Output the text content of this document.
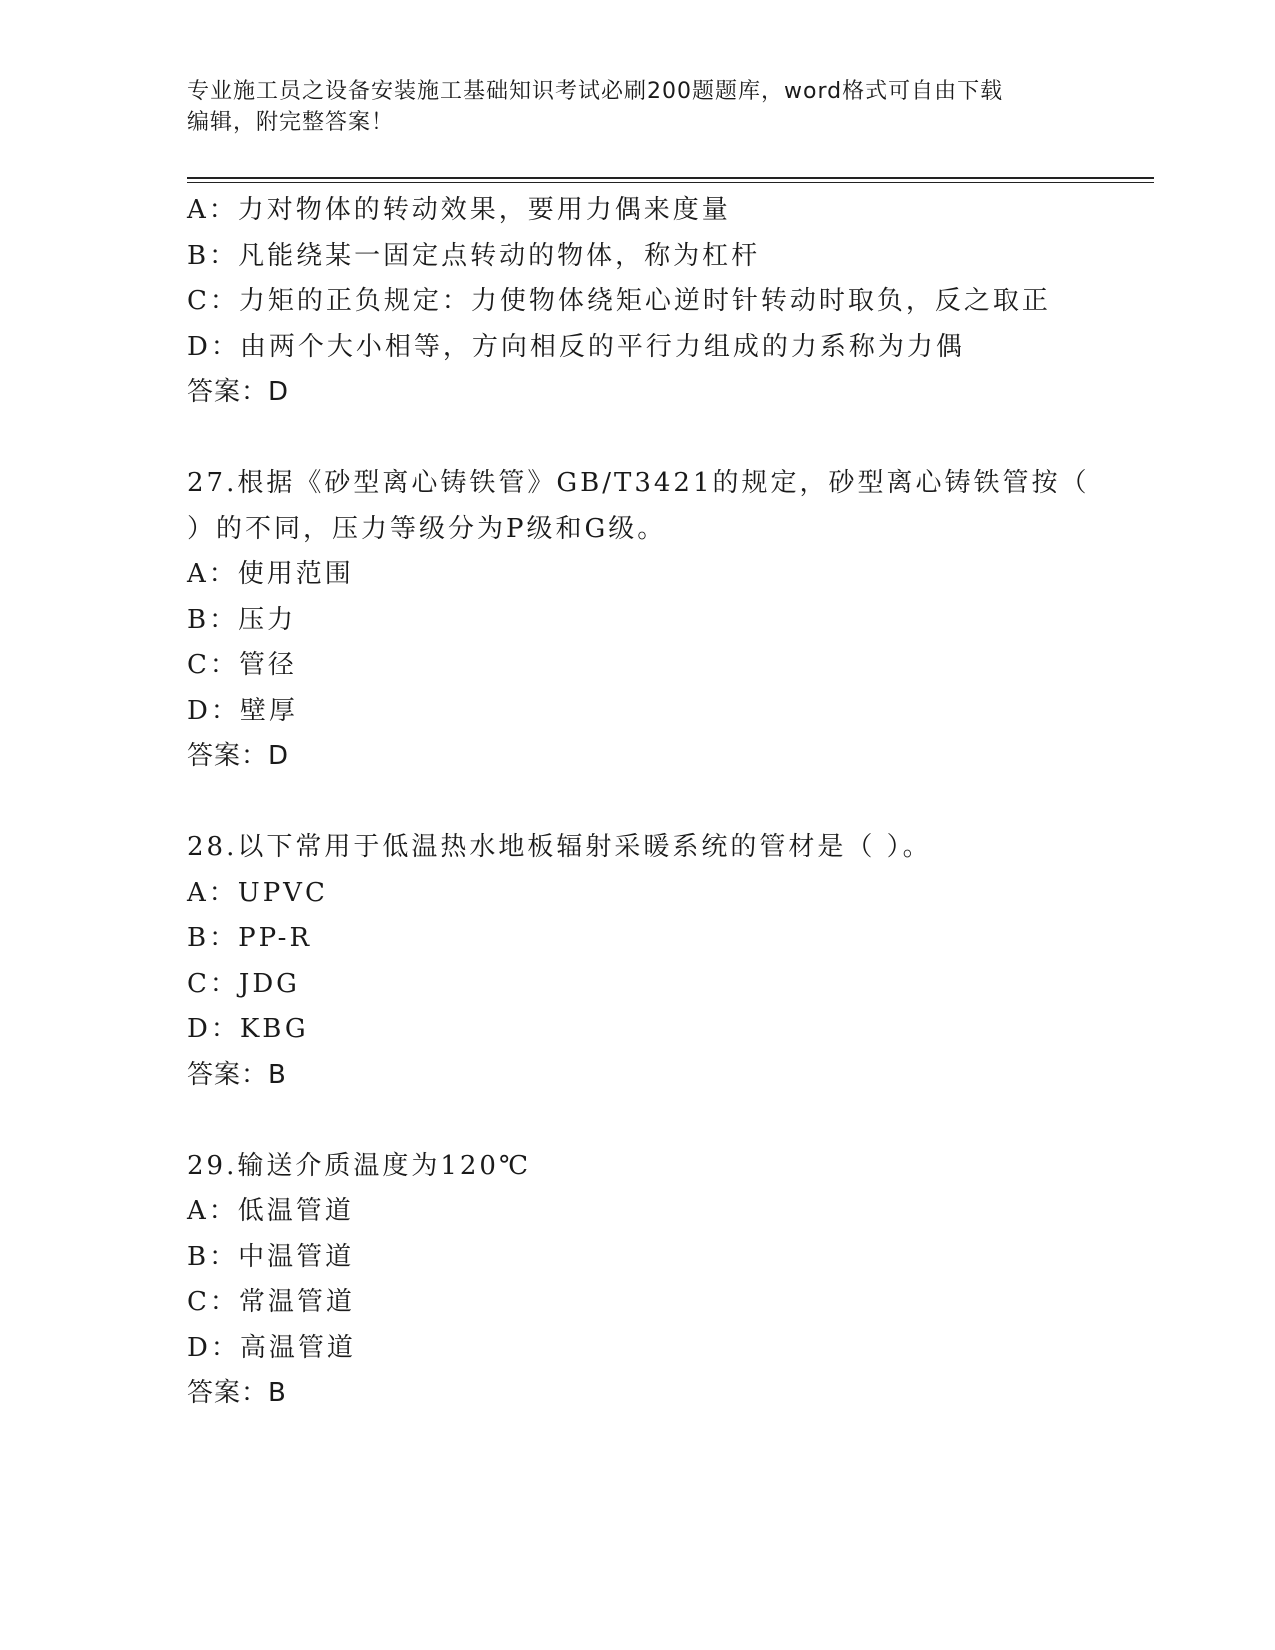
专业施工员之设备安装施工基础知识考试必刷200题题库，word格式可自由下载
编辑，附完整答案！
A：力对物体的转动效果，要用力偶来度量
B：凡能绕某一固定点转动的物体，称为杠杆
C：力矩的正负规定：力使物体绕矩心逆时针转动时取负，反之取正
D：由两个大小相等，方向相反的平行力组成的力系称为力偶
答案：D
27.根据《砂型离心铸铁管》GB/T3421的规定，砂型离心铸铁管按（
）的不同，压力等级分为P级和G级。
A：使用范围
B：压力
C：管径
D：壁厚
答案：D
28.以下常用于低温热水地板辐射采暖系统的管材是（ ）。
A：UPVC
B：PP-R
C：JDG
D：KBG
答案：B
29.输送介质温度为120℃
A：低温管道
B：中温管道
C：常温管道
D：高温管道
答案：B
